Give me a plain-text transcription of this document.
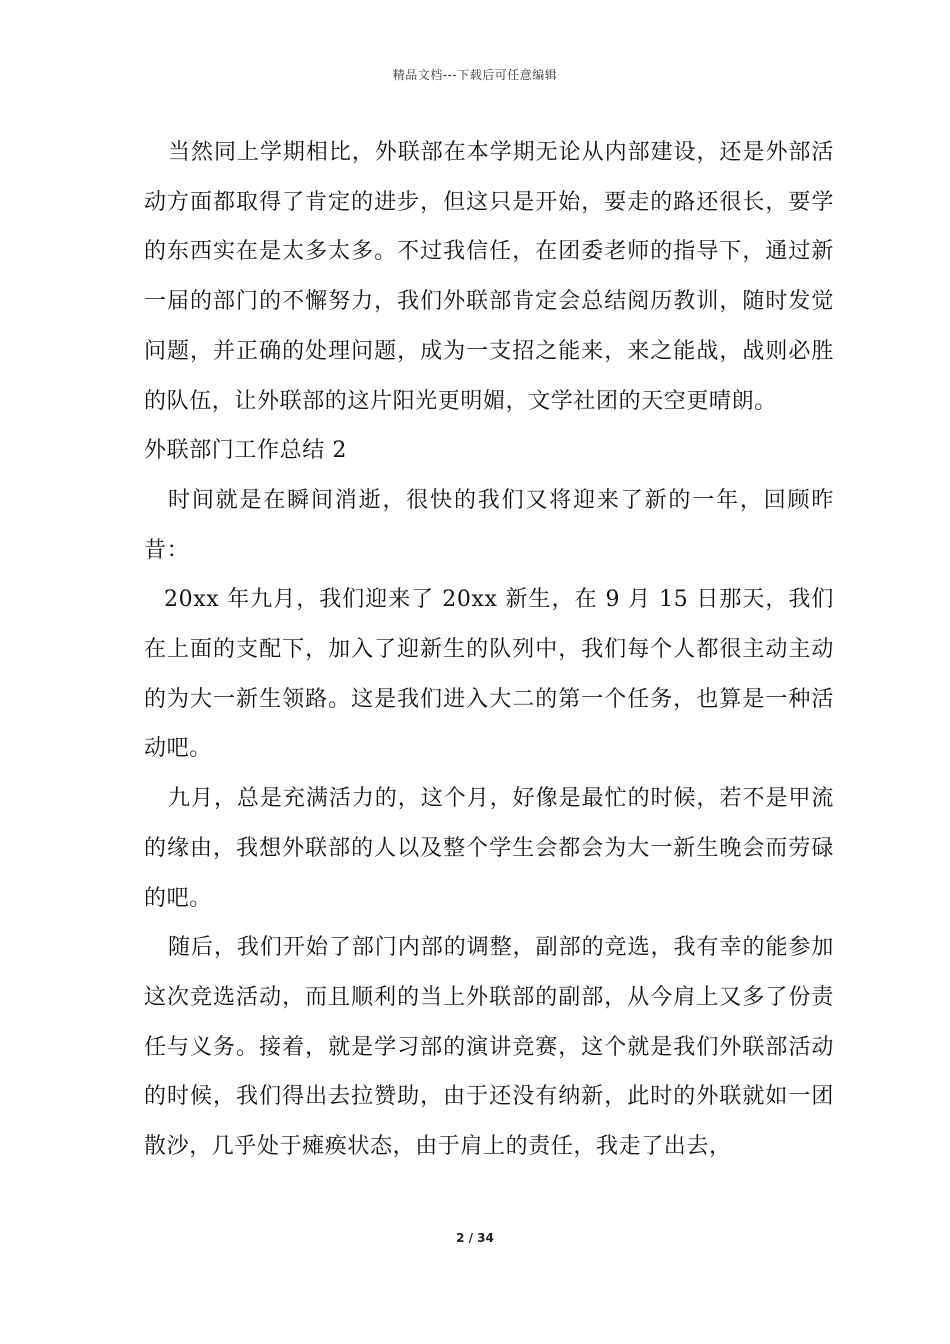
精品文档---下载后可任意编辑

当然同上学期相比，外联部在本学期无论从内部建设，还是外部活动方面都取得了肯定的进步，但这只是开始，要走的路还很长，要学的东西实在是太多太多。不过我信任，在团委老师的指导下，通过新一届的部门的不懈努力，我们外联部肯定会总结阅历教训，随时发觉问题，并正确的处理问题，成为一支招之能来，来之能战，战则必胜的队伍，让外联部的这片阳光更明媚，文学社团的天空更晴朗。

外联部门工作总结 2

时间就是在瞬间消逝，很快的我们又将迎来了新的一年，回顾昨昔：

20xx 年九月，我们迎来了 20xx 新生，在 9 月 15 日那天，我们在上面的支配下，加入了迎新生的队列中，我们每个人都很主动主动的为大一新生领路。这是我们进入大二的第一个任务，也算是一种活动吧。

九月，总是充满活力的，这个月，好像是最忙的时候，若不是甲流的缘由，我想外联部的人以及整个学生会都会为大一新生晚会而劳碌的吧。

随后，我们开始了部门内部的调整，副部的竞选，我有幸的能参加这次竞选活动，而且顺利的当上外联部的副部，从今肩上又多了份责任与义务。接着，就是学习部的演讲竞赛，这个就是我们外联部活动的时候，我们得出去拉赞助，由于还没有纳新，此时的外联就如一团散沙，几乎处于瘫痪状态，由于肩上的责任，我走了出去，

2 / 34
